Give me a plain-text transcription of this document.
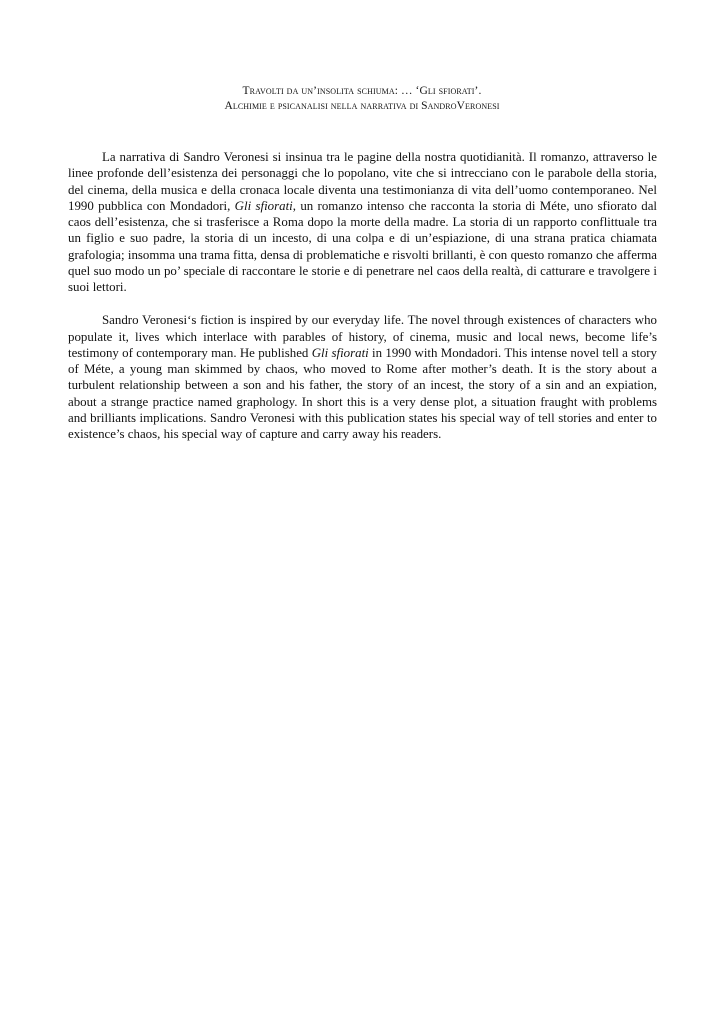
Travolti da un’insolita schiuma: … ‘Gli sfiorati’.
Alchimie e psicanalisi nella narrativa di SandroVeronesi

La narrativa di Sandro Veronesi si insinua tra le pagine della nostra quotidianità. Il romanzo, attraverso le linee profonde dell’esistenza dei personaggi che lo popolano, vite che si intrecciano con le parabole della storia, del cinema, della musica e della cronaca locale diventa una testimonianza di vita dell’uomo contemporaneo. Nel 1990 pubblica con Mondadori, Gli sfiorati, un romanzo intenso che racconta la storia di Méte, uno sfiorato dal caos dell’esistenza, che si trasferisce a Roma dopo la morte della madre. La storia di un rapporto conflittuale tra un figlio e suo padre, la storia di un incesto, di una colpa e di un’espiazione, di una strana pratica chiamata grafologia; insomma una trama fitta, densa di problematiche e risvolti brillanti, è con questo romanzo che afferma quel suo modo un po’ speciale di raccontare le storie e di penetrare nel caos della realtà, di catturare e travolgere i suoi lettori.

Sandro Veronesi‘s fiction is inspired by our everyday life. The novel through existences of characters who populate it, lives which interlace with parables of history, of cinema, music and local news, become life’s testimony of contemporary man. He published Gli sfiorati in 1990 with Mondadori. This intense novel tell a story of Méte, a young man skimmed by chaos, who moved to Rome after mother’s death. It is the story about a turbulent relationship between a son and his father, the story of an incest, the story of a sin and an expiation, about a strange practice named graphology. In short this is a very dense plot, a situation fraught with problems and brilliants implications. Sandro Veronesi with this publication states his special way of tell stories and enter to existence’s chaos, his special way of capture and carry away his readers.
